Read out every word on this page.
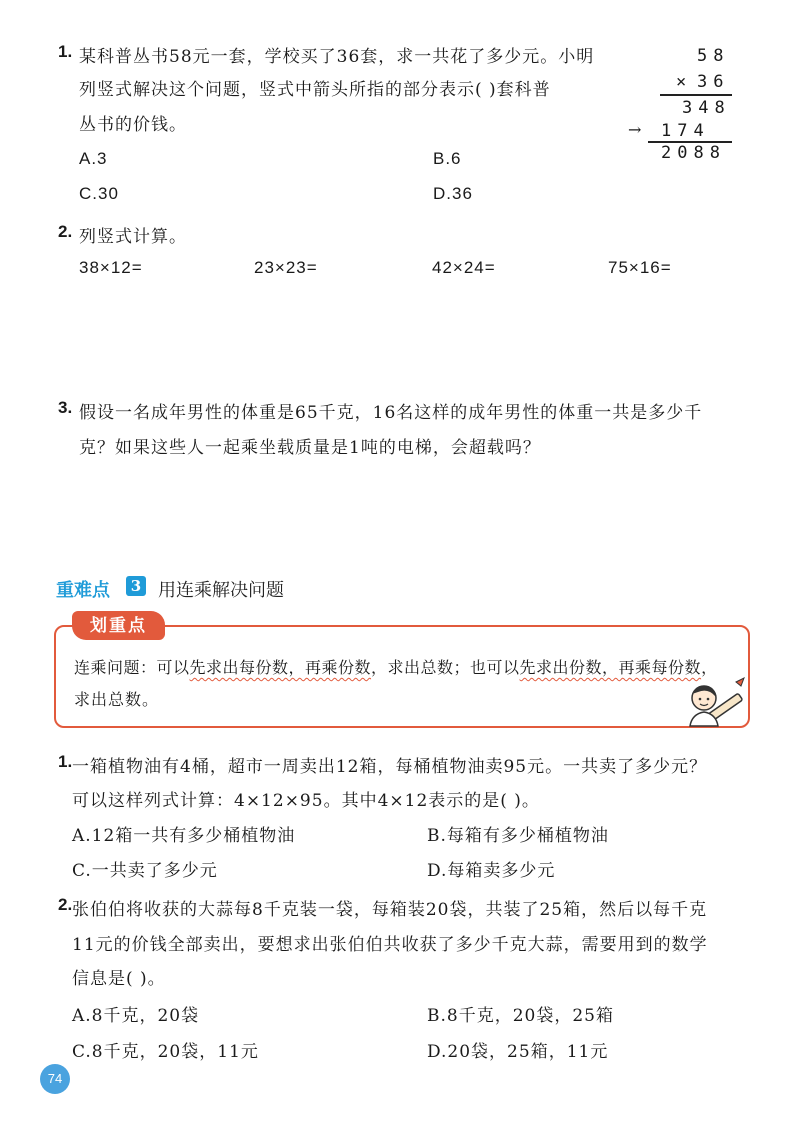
1. 某科普丛书58元一套，学校买了36套，求一共花了多少元。小明
列竖式解决这个问题，竖式中箭头所指的部分表示( )套科普
丛书的价钱。
A.3	B.6
C.30	D.36
58
× 36
348
→ 174
2088
2. 列竖式计算。
38×12=	23×23=	42×24=	75×16=
3. 假设一名成年男性的体重是65千克，16名这样的成年男性的体重一共是多少千
克？如果这些人一起乘坐载质量是1吨的电梯，会超载吗？
重难点	3 用连乘解决问题
划重点
连乘问题：可以先求出每份数，再乘份数，求出总数；也可以先求出份数，再乘每份数，
求出总数。
1. 一箱植物油有4桶，超市一周卖出12箱，每桶植物油卖95元。一共卖了多少元？
可以这样列式计算：4×12×95。其中4×12表示的是( )。
A.12箱一共有多少桶植物油	B.每箱有多少桶植物油
C.一共卖了多少元	D.每箱卖多少元
2. 张伯伯将收获的大蒜每8千克装一袋，每箱装20袋，共装了25箱，然后以每千克
11元的价钱全部卖出，要想求出张伯伯共收获了多少千克大蒜，需要用到的数学
信息是( )。
A.8千克，20袋	B.8千克，20袋，25箱
C.8千克，20袋，11元	D.20袋，25箱，11元
74
